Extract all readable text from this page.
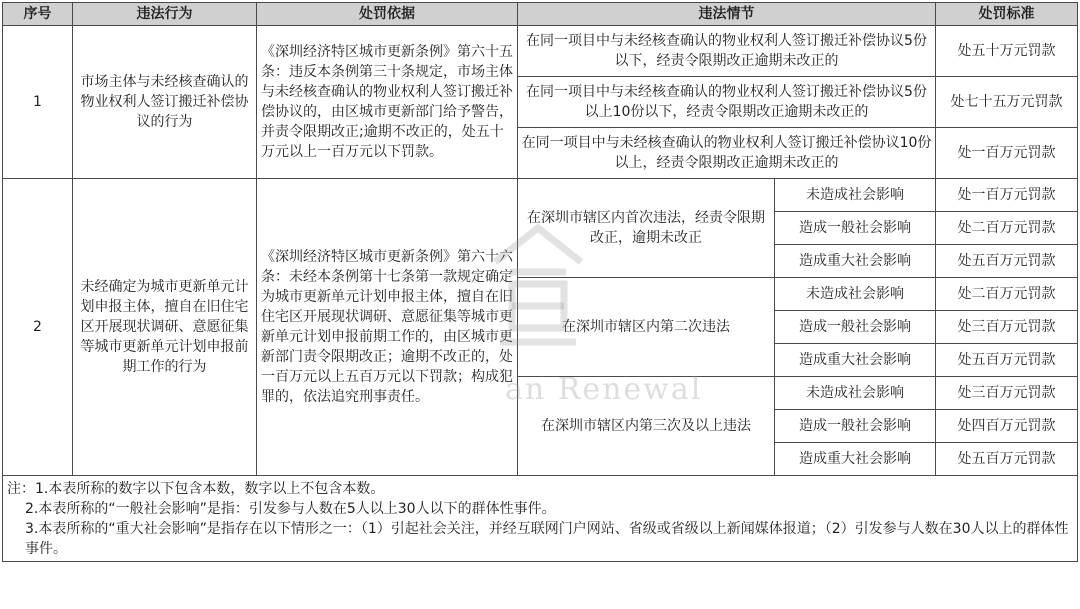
序号	违法行为	处罚依据	违法情节		处罚标准
1	市场主体与未经核查确认的物业权利人签订搬迁补偿协议的行为	《深圳经济特区城市更新条例》第六十五条：违反本条例第三十条规定，市场主体与未经核查确认的物业权利人签订搬迁补偿协议的，由区城市更新部门给予警告，并责令限期改正;逾期不改正的，处五十万元以上一百万元以下罚款。	在同一项目中与未经核查确认的物业权利人签订搬迁补偿协议5份以下，经责令限期改正逾期未改正的		处五十万元罚款
			在同一项目中与未经核查确认的物业权利人签订搬迁补偿协议5份以上10份以下，经责令限期改正逾期未改正的		处七十五万元罚款
			在同一项目中与未经核查确认的物业权利人签订搬迁补偿协议10份以上，经责令限期改正逾期未改正的		处一百万元罚款
2	未经确定为城市更新单元计划申报主体，擅自在旧住宅区开展现状调研、意愿征集等城市更新单元计划申报前期工作的行为	《深圳经济特区城市更新条例》第六十六条：未经本条例第十七条第一款规定确定为城市更新单元计划申报主体，擅自在旧住宅区开展现状调研、意愿征集等城市更新单元计划申报前期工作的，由区城市更新部门责令限期改正；逾期不改正的，处一百万元以上五百万元以下罚款；构成犯罪的，依法追究刑事责任。	在深圳市辖区内首次违法，经责令限期改正，逾期未改正	未造成社会影响	处一百万元罚款
				造成一般社会影响	处二百万元罚款
				造成重大社会影响	处五百万元罚款
			在深圳市辖区内第二次违法	未造成社会影响	处二百万元罚款
				造成一般社会影响	处三百万元罚款
				造成重大社会影响	处五百万元罚款
			在深圳市辖区内第三次及以上违法	未造成社会影响	处三百万元罚款
				造成一般社会影响	处四百万元罚款
				造成重大社会影响	处五百万元罚款

注：1.本表所称的数字以下包含本数，数字以上不包含本数。
2.本表所称的“一般社会影响”是指：引发参与人数在5人以上30人以下的群体性事件。
3.本表所称的“重大社会影响”是指存在以下情形之一：（1）引起社会关注，并经互联网门户网站、省级或省级以上新闻媒体报道；（2）引发参与人数在30人以上的群体性事件。					
an Renewal
